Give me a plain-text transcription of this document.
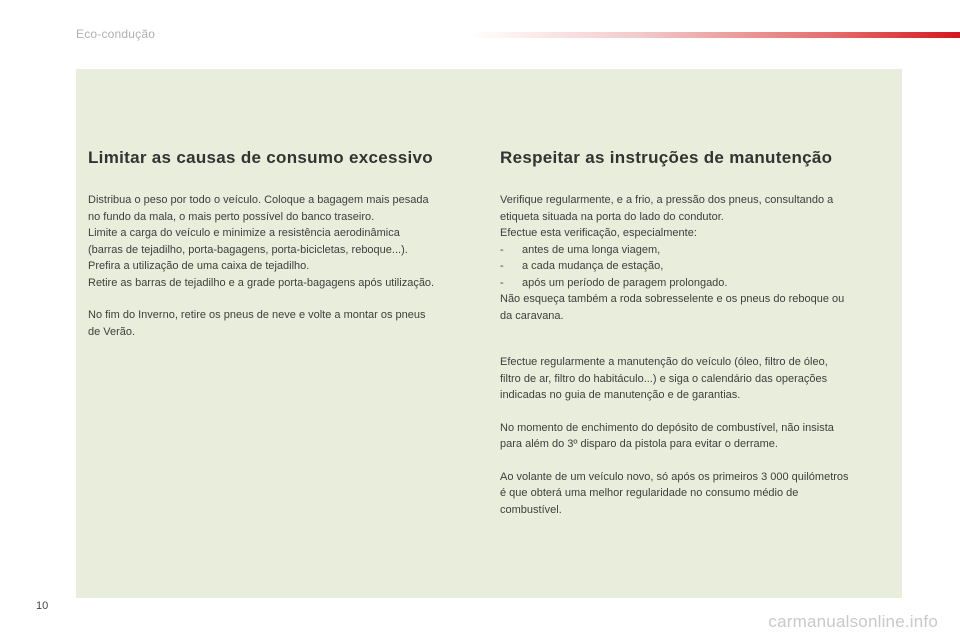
Eco-condução
Limitar as causas de consumo excessivo

Distribua o peso por todo o veículo. Coloque a bagagem mais pesada
no fundo da mala, o mais perto possível do banco traseiro.
Limite a carga do veículo e minimize a resistência aerodinâmica
(barras de tejadilho, porta-bagagens, porta-bicicletas, reboque...).
Prefira a utilização de uma caixa de tejadilho.
Retire as barras de tejadilho e a grade porta-bagagens após utilização.

No fim do Inverno, retire os pneus de neve e volte a montar os pneus
de Verão.

Respeitar as instruções de manutenção

Verifique regularmente, e a frio, a pressão dos pneus, consultando a
etiqueta situada na porta do lado do condutor.
Efectue esta verificação, especialmente:
- antes de uma longa viagem,
- a cada mudança de estação,
- após um período de paragem prolongado.
Não esqueça também a roda sobresselente e os pneus do reboque ou
da caravana.

Efectue regularmente a manutenção do veículo (óleo, filtro de óleo,
filtro de ar, filtro do habitáculo...) e siga o calendário das operações
indicadas no guia de manutenção e de garantias.

No momento de enchimento do depósito de combustível, não insista
para além do 3º disparo da pistola para evitar o derrame.

Ao volante de um veículo novo, só após os primeiros 3 000 quilómetros
é que obterá uma melhor regularidade no consumo médio de
combustível.

10
carmanualsonline.info
